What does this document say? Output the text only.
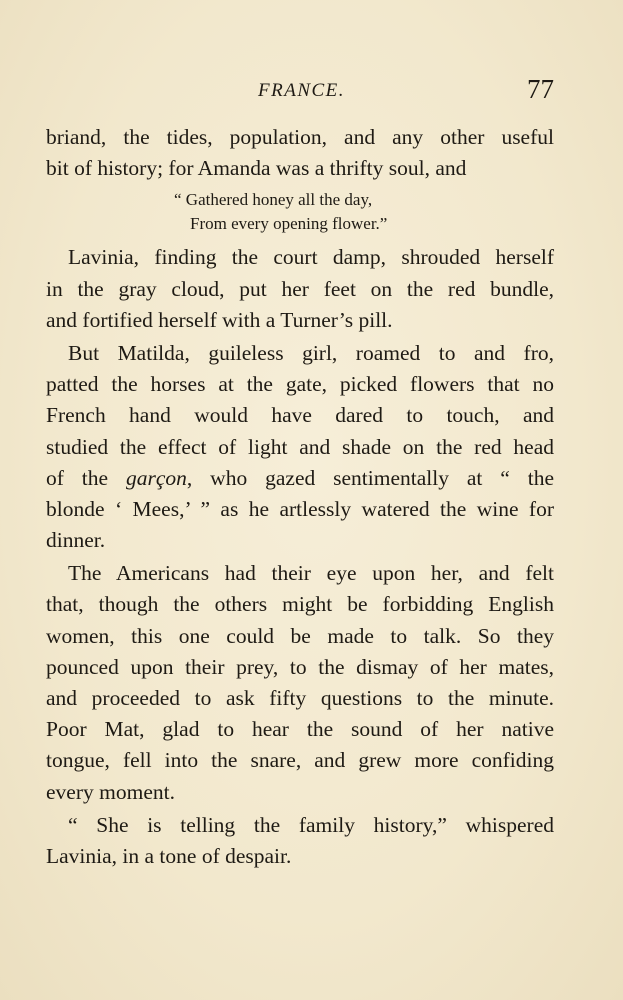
FRANCE.	77
briand, the tides, population, and any other useful
bit of history; for Amanda was a thrifty soul, and
“ Gathered honey all the day,
From every opening flower.”
Lavinia, finding the court damp, shrouded herself
in the gray cloud, put her feet on the red bundle,
and fortified herself with a Turner’s pill.
But Matilda, guileless girl, roamed to and fro,
patted the horses at the gate, picked flowers that no
French hand would have dared to touch, and
studied the effect of light and shade on the red head
of the garçon, who gazed sentimentally at “ the
blonde ‘ Mees,’ ” as he artlessly watered the wine for
dinner.
The Americans had their eye upon her, and felt
that, though the others might be forbidding English
women, this one could be made to talk. So they
pounced upon their prey, to the dismay of her mates,
and proceeded to ask fifty questions to the minute.
Poor Mat, glad to hear the sound of her native
tongue, fell into the snare, and grew more confiding
every moment.
“ She is telling the family history,” whispered
Lavinia, in a tone of despair.
